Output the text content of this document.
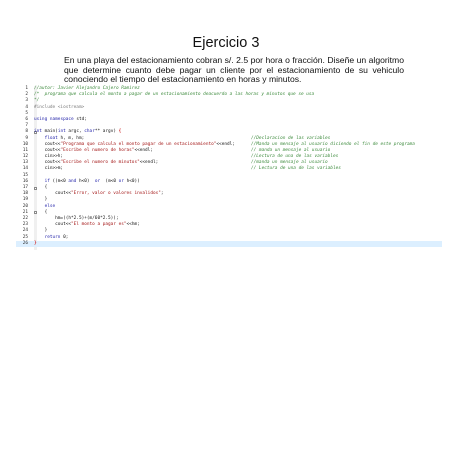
Ejercicio 3
En una playa del estacionamiento cobran s/. 2.5 por hora o fracción. Diseñe un algoritmo que determine cuanto debe pagar un cliente por el estacionamiento de su vehiculo conociendo el tiempo del estacionamiento en horas y minutos.
1 //autor: Javier Alejandro Cajero Ramirez
2 /*  programa que calcula el monto a pagar de un estacionamiento deacuerdo a las horas y minutos que se usa
3 */
4 #include <iostream>
5
6 using namespace std;
7
8 int main(int argc, char** argv) {
9	float h, m, hm;	//Declaracion de las variables
10 cout<<"Programa que calcula el monto pagar de un estacionamiento"<<endl;	//Manda un mensaje al usuario diciendo el fin de este programa
11 cout<<"Escribe el numero de horas"<<endl;	// manda un mensaje al usuario
12 cin>>h;	//Lectura de una de las variables
13 cout<<"Escribe el numero de minutos"<<endl;	//manda un mensaje al usuario
14 cin>>m;	// Lectura de una de las variables
15
16	if ((m<0 and h<0)  or  (m<0 or h<0))
17 {
18 cout<<"Error, valor o valores invalidos";
19 }
20	else
21 {
22 hm=((h*2.5)+(m/60*2.5));
23 cout<<"El monto a pagar es"<<hm;
24 }
25	return 0;
26 }
